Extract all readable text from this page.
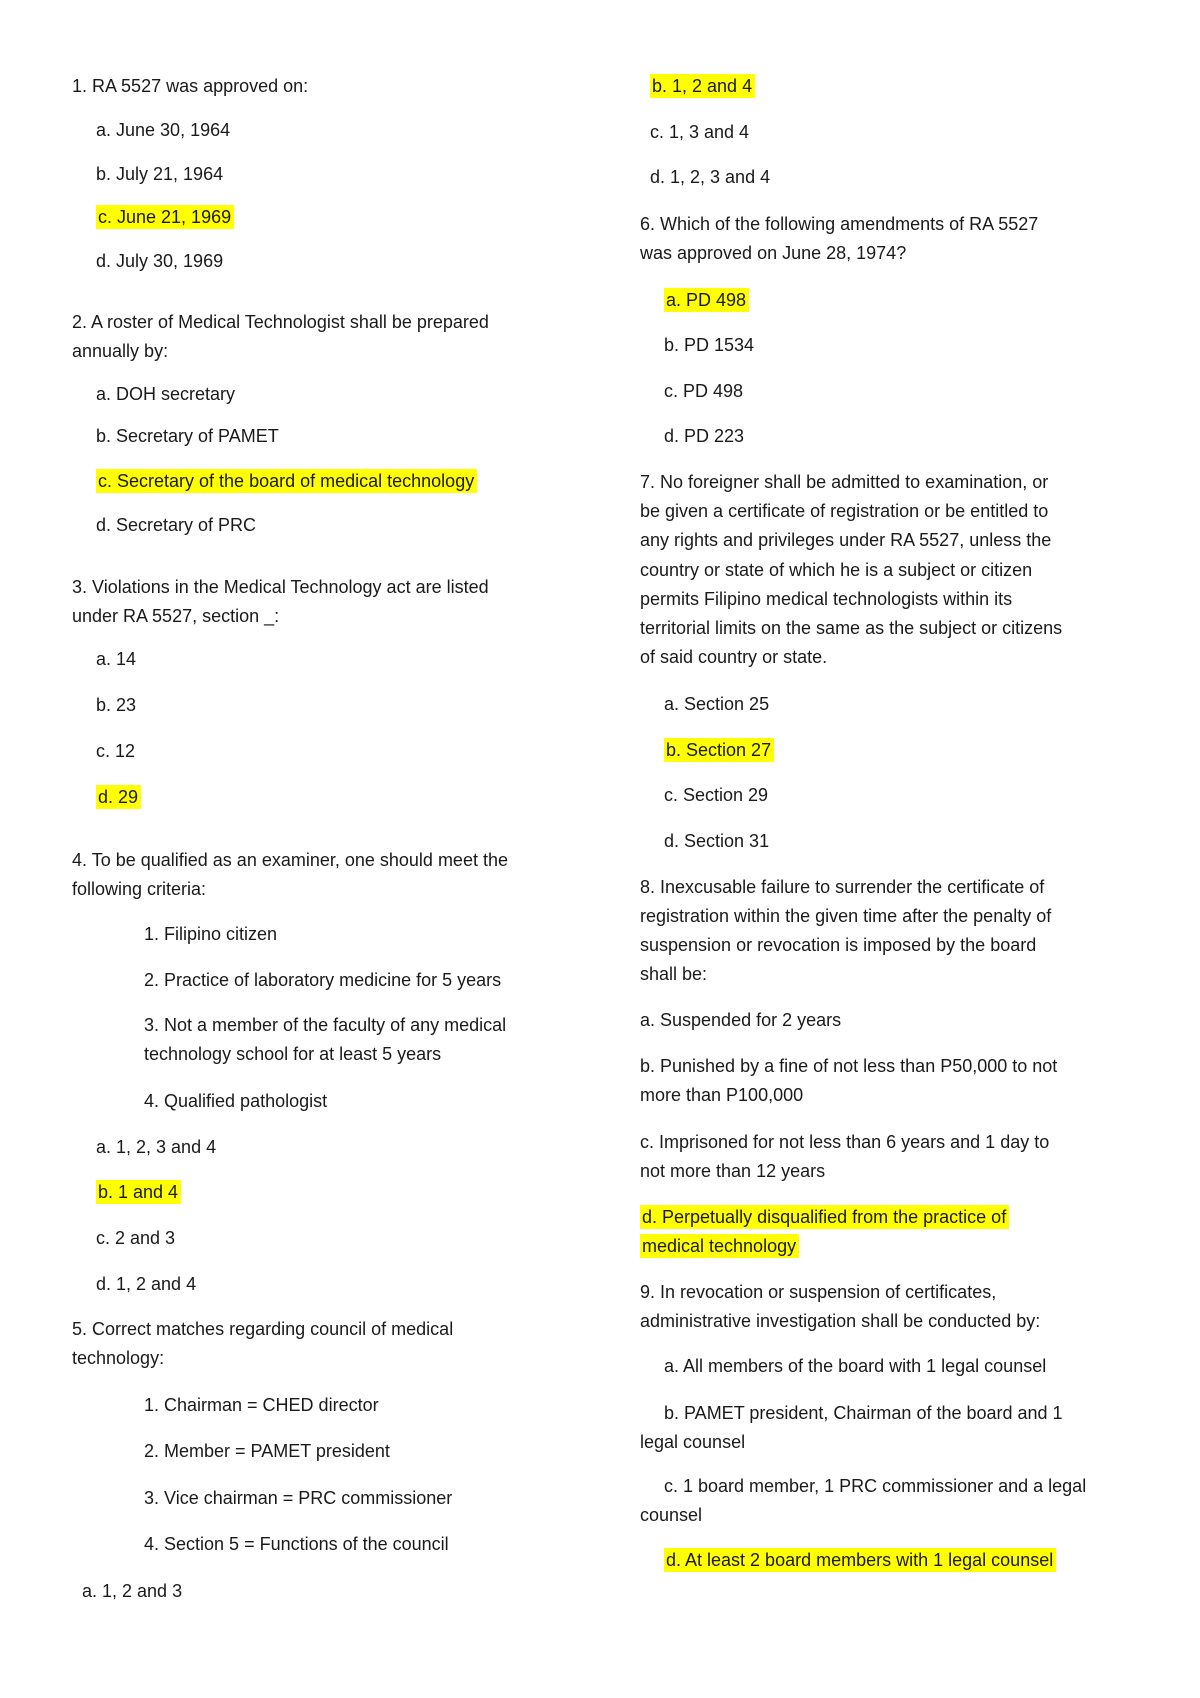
1. RA 5527 was approved on:
a. June 30, 1964
b. July 21, 1964
c. June 21, 1969
d. July 30, 1969
2. A roster of Medical Technologist shall be prepared
annually by:
a. DOH secretary
b. Secretary of PAMET
c. Secretary of the board of medical technology
d. Secretary of PRC
3. Violations in the Medical Technology act are listed
under RA 5527, section _:
a. 14
b. 23
c. 12
d. 29
4. To be qualified as an examiner, one should meet the
following criteria:
1. Filipino citizen
2. Practice of laboratory medicine for 5 years
3. Not a member of the faculty of any medical
technology school for at least 5 years
4. Qualified pathologist
a. 1, 2, 3 and 4
b. 1 and 4
c. 2 and 3
d. 1, 2 and 4
5. Correct matches regarding council of medical
technology:
1. Chairman = CHED director
2. Member = PAMET president
3. Vice chairman = PRC commissioner
4. Section 5 = Functions of the council
a. 1, 2 and 3
b. 1, 2 and 4
c. 1, 3 and 4
d. 1, 2, 3 and 4
6. Which of the following amendments of RA 5527
was approved on June 28, 1974?
a. PD 498
b. PD 1534
c. PD 498
d. PD 223
7. No foreigner shall be admitted to examination, or
be given a certificate of registration or be entitled to
any rights and privileges under RA 5527, unless the
country or state of which he is a subject or citizen
permits Filipino medical technologists within its
territorial limits on the same as the subject or citizens
of said country or state.
a. Section 25
b. Section 27
c. Section 29
d. Section 31
8. Inexcusable failure to surrender the certificate of
registration within the given time after the penalty of
suspension or revocation is imposed by the board
shall be:
a. Suspended for 2 years
b. Punished by a fine of not less than P50,000 to not
more than P100,000
c. Imprisoned for not less than 6 years and 1 day to
not more than 12 years
d. Perpetually disqualified from the practice of
medical technology
9. In revocation or suspension of certificates,
administrative investigation shall be conducted by:
a. All members of the board with 1 legal counsel
b. PAMET president, Chairman of the board and 1
legal counsel
c. 1 board member, 1 PRC commissioner and a legal
counsel
d. At least 2 board members with 1 legal counsel
